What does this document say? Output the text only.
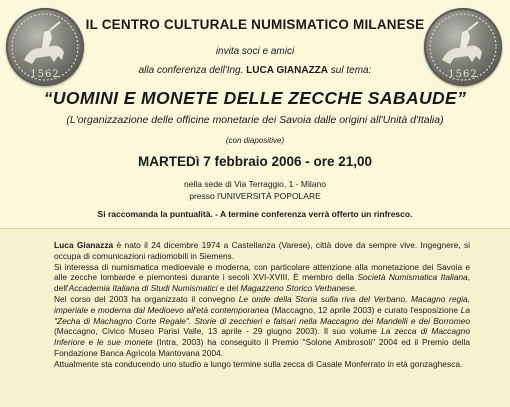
1562	1562
IL CENTRO CULTURALE NUMISMATICO MILANESE
invita soci e amici
alla conferenza dell'Ing. LUCA GIANAZZA sul tema:
“UOMINI E MONETE DELLE ZECCHE SABAUDE”
(L'organizzazione delle officine monetarie dei Savoia dalle origini all'Unità d'Italia)
(con diapositive)
MARTEDì 7 febbraio 2006 - ore 21,00
nella sede di Via Terraggio, 1 - Milano
presso l'UNIVERSITÀ POPOLARE
Si raccomanda la puntualità. - A termine conferenza verrà offerto un rinfresco.

Luca Gianazza è nato il 24 dicembre 1974 a Castellanza (Varese), città dove da sempre vive. Ingegnere, si occupa di comunicazioni radiomobili in Siemens.

Si interessa di numismatica medioevale e moderna, con particolare attenzione alla monetazione dei Savoia e alle zecche lombarde e piemontesi durante i secoli XVI-XVIII. È membro della Società Numismatica Italiana, dell'Accademia Italiana di Studi Numismatici e del Magazzeno Storico Verbanese.

Nel corso del 2003 ha organizzato il convegno Le onde della Storia sulla riva del Verbano. Macagno regia, imperiale e moderna dal Medioevo all'età contemporanea (Maccagno, 12 aprile 2003) e curato l'esposizione La "Zecha di Machagno Corte Regale". Storie di zecchieri e falsari nella Maccagno dei Mandelli e dei Borromeo (Maccagno, Civico Museo Parisi Valle, 13 aprile - 29 giugno 2003). Il suo volume La zecca di Maccagno Inferiore e le sue monete (Intra, 2003) ha conseguito il Premio "Solone Ambrosoli" 2004 ed il Premio della Fondazione Banca Agricola Mantovana 2004.

Attualmente sta conducendo uno studio a lungo termine sulla zecca di Casale Monferrato in età gonzaghesca.
